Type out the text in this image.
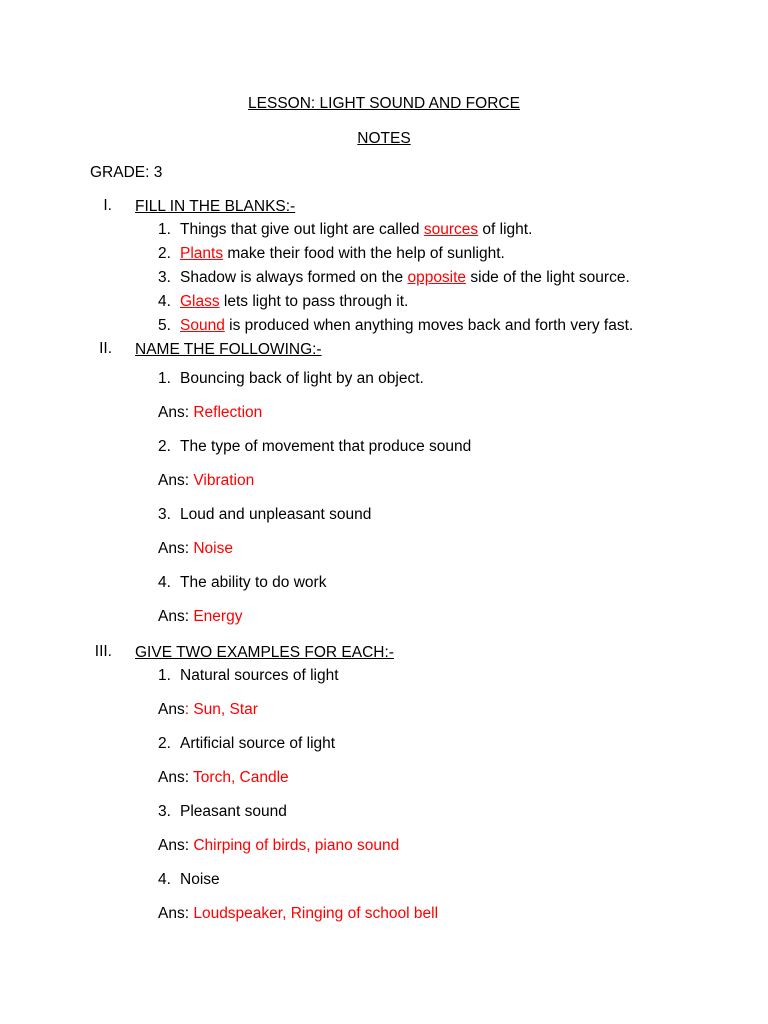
LESSON: LIGHT SOUND AND FORCE
NOTES
GRADE: 3
I. FILL IN THE BLANKS:-
1. Things that give out light are called sources of light.
2. Plants make their food with the help of sunlight.
3. Shadow is always formed on the opposite side of the light source.
4. Glass lets light to pass through it.
5. Sound is produced when anything moves back and forth very fast.
II. NAME THE FOLLOWING:-
1. Bouncing back of light by an object.
Ans: Reflection
2. The type of movement that produce sound
Ans: Vibration
3. Loud and unpleasant sound
Ans: Noise
4. The ability to do work
Ans: Energy
III. GIVE TWO EXAMPLES FOR EACH:-
1. Natural sources of light
Ans: Sun, Star
2. Artificial source of light
Ans: Torch, Candle
3. Pleasant sound
Ans: Chirping of birds, piano sound
4. Noise
Ans: Loudspeaker, Ringing of school bell
